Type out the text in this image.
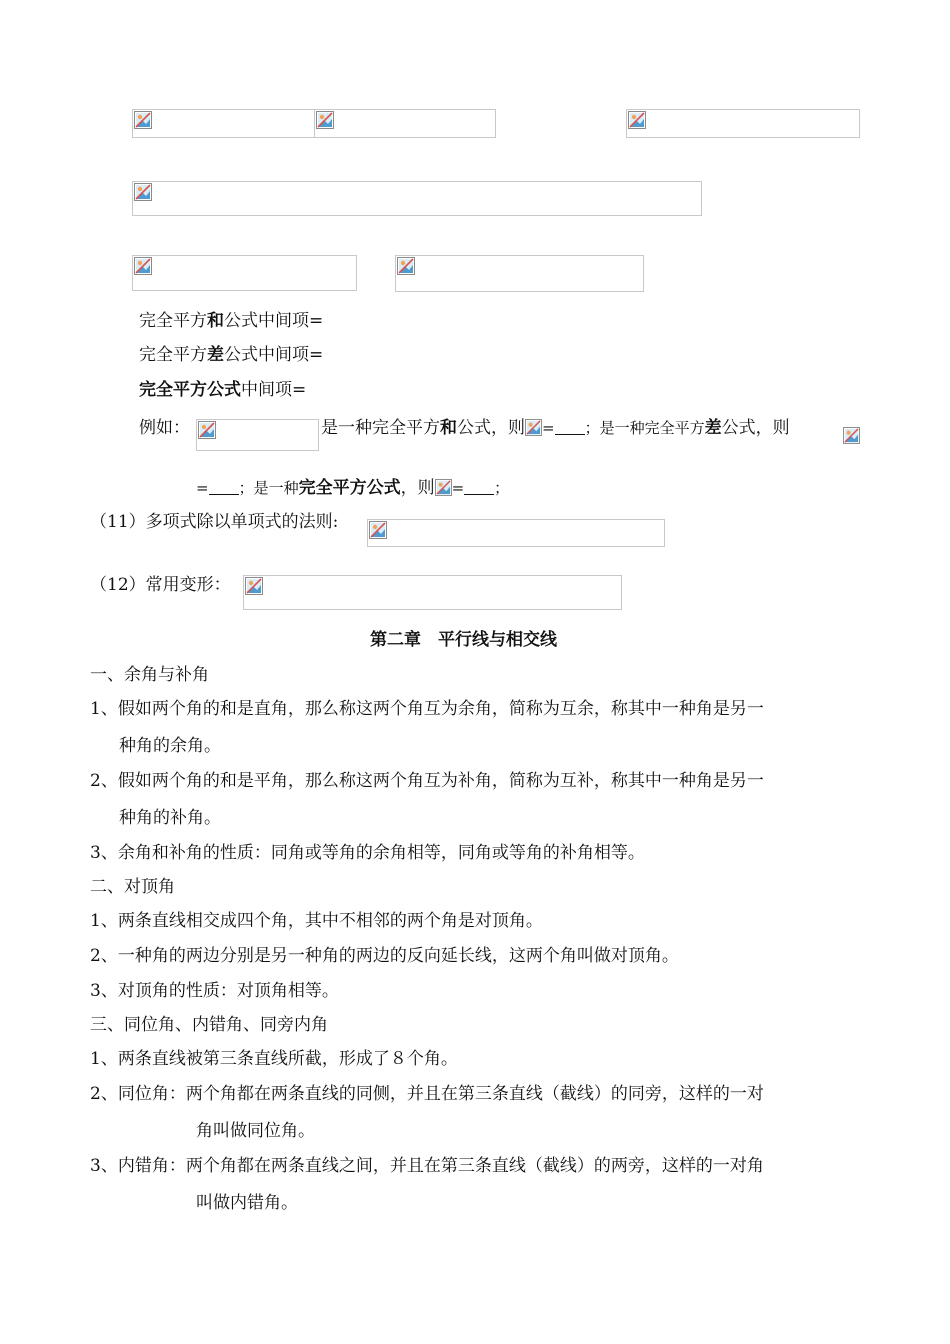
完全平方和公式中间项=
完全平方差公式中间项=
完全平方公式中间项=
例如：	是一种完全平方和公式，则 = ；是一种完全平方差公式，则
= ；是一种完全平方公式，则 = ；
（11）多项式除以单项式的法则:
（12）常用变形：
第二章　平行线与相交线
一、余角与补角
1、假如两个角的和是直角，那么称这两个角互为余角，简称为互余，称其中一种角是另一
种角的余角。
2、假如两个角的和是平角，那么称这两个角互为补角，简称为互补，称其中一种角是另一
种角的补角。
3、余角和补角的性质：同角或等角的余角相等，同角或等角的补角相等。
二、对顶角
1、两条直线相交成四个角，其中不相邻的两个角是对顶角。
2、一种角的两边分别是另一种角的两边的反向延长线，这两个角叫做对顶角。
3、对顶角的性质：对顶角相等。
三、同位角、内错角、同旁内角
1、两条直线被第三条直线所截，形成了８个角。
2、同位角：两个角都在两条直线的同侧，并且在第三条直线（截线）的同旁，这样的一对
角叫做同位角。
3、内错角：两个角都在两条直线之间，并且在第三条直线（截线）的两旁，这样的一对角
叫做内错角。
